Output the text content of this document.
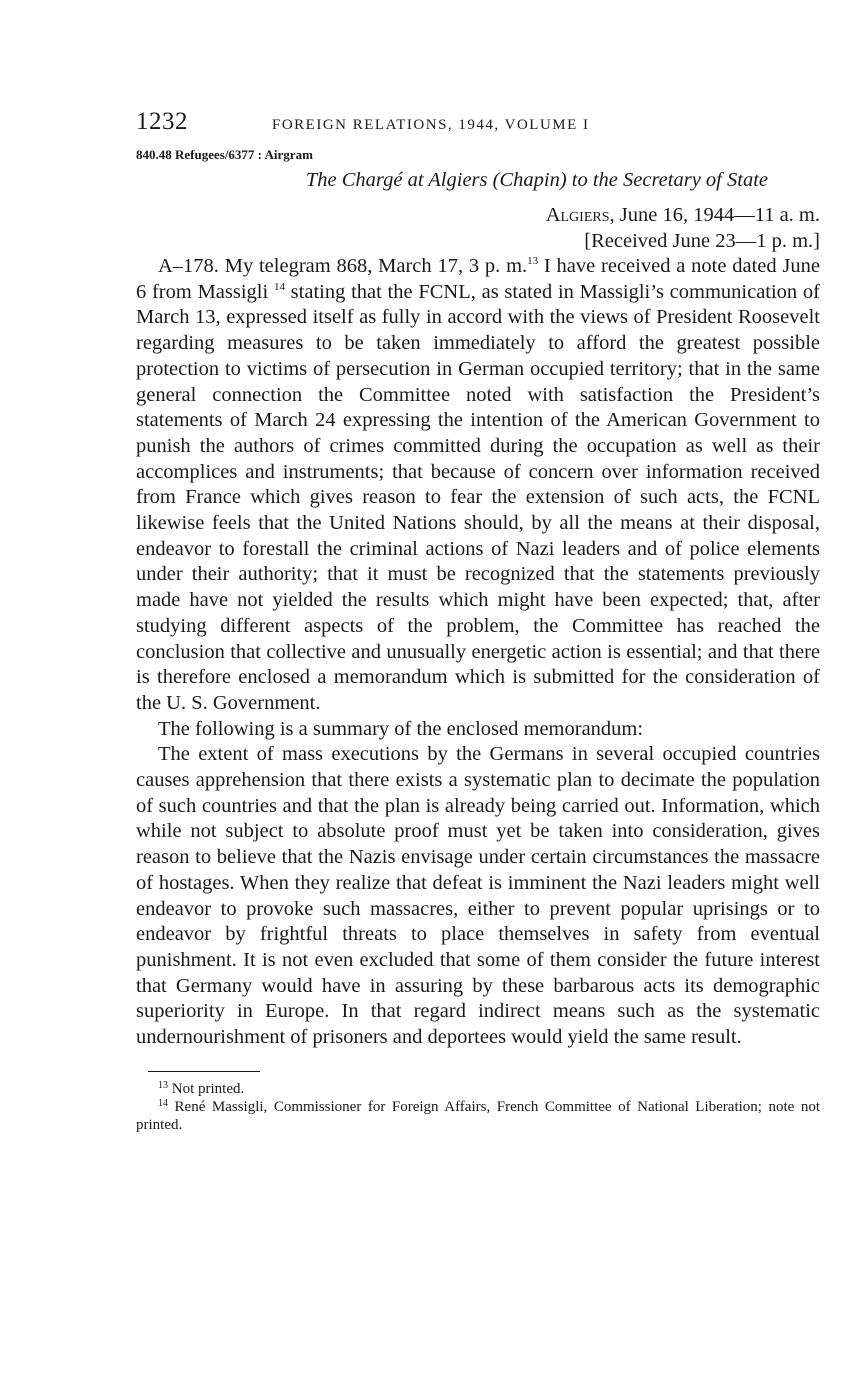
1232	FOREIGN RELATIONS, 1944, VOLUME I
840.48 Refugees/6377 : Airgram
The Chargé at Algiers (Chapin) to the Secretary of State
Algiers, June 16, 1944—11 a. m.
[Received June 23—1 p. m.]

A–178. My telegram 868, March 17, 3 p. m.$^{13}$ I have received a note dated June 6 from Massigli $^{14}$ stating that the FCNL, as stated in Massigli’s communication of March 13, expressed itself as fully in accord with the views of President Roosevelt regarding measures to be taken immediately to afford the greatest possible protection to victims of persecution in German occupied territory; that in the same general connection the Committee noted with satisfaction the President’s statements of March 24 expressing the intention of the American Government to punish the authors of crimes committed during the occupation as well as their accomplices and instruments; that because of concern over information received from France which gives reason to fear the extension of such acts, the FCNL likewise feels that the United Nations should, by all the means at their disposal, endeavor to forestall the criminal actions of Nazi leaders and of police elements under their authority; that it must be recognized that the statements previously made have not yielded the results which might have been expected; that, after studying different aspects of the problem, the Committee has reached the conclusion that collective and unusually energetic action is essential; and that there is therefore enclosed a memorandum which is submitted for the consideration of the U. S. Government.

The following is a summary of the enclosed memorandum:

The extent of mass executions by the Germans in several occupied countries causes apprehension that there exists a systematic plan to decimate the population of such countries and that the plan is already being carried out. Information, which while not subject to absolute proof must yet be taken into consideration, gives reason to believe that the Nazis envisage under certain circumstances the massacre of hostages. When they realize that defeat is imminent the Nazi leaders might well endeavor to provoke such massacres, either to prevent popular uprisings or to endeavor by frightful threats to place themselves in safety from eventual punishment. It is not even excluded that some of them consider the future interest that Germany would have in assuring by these barbarous acts its demographic superiority in Europe. In that regard indirect means such as the systematic undernourishment of prisoners and deportees would yield the same result.

$^{13}$ Not printed.

$^{14}$ René Massigli, Commissioner for Foreign Affairs, French Committee of National Liberation; note not printed.
